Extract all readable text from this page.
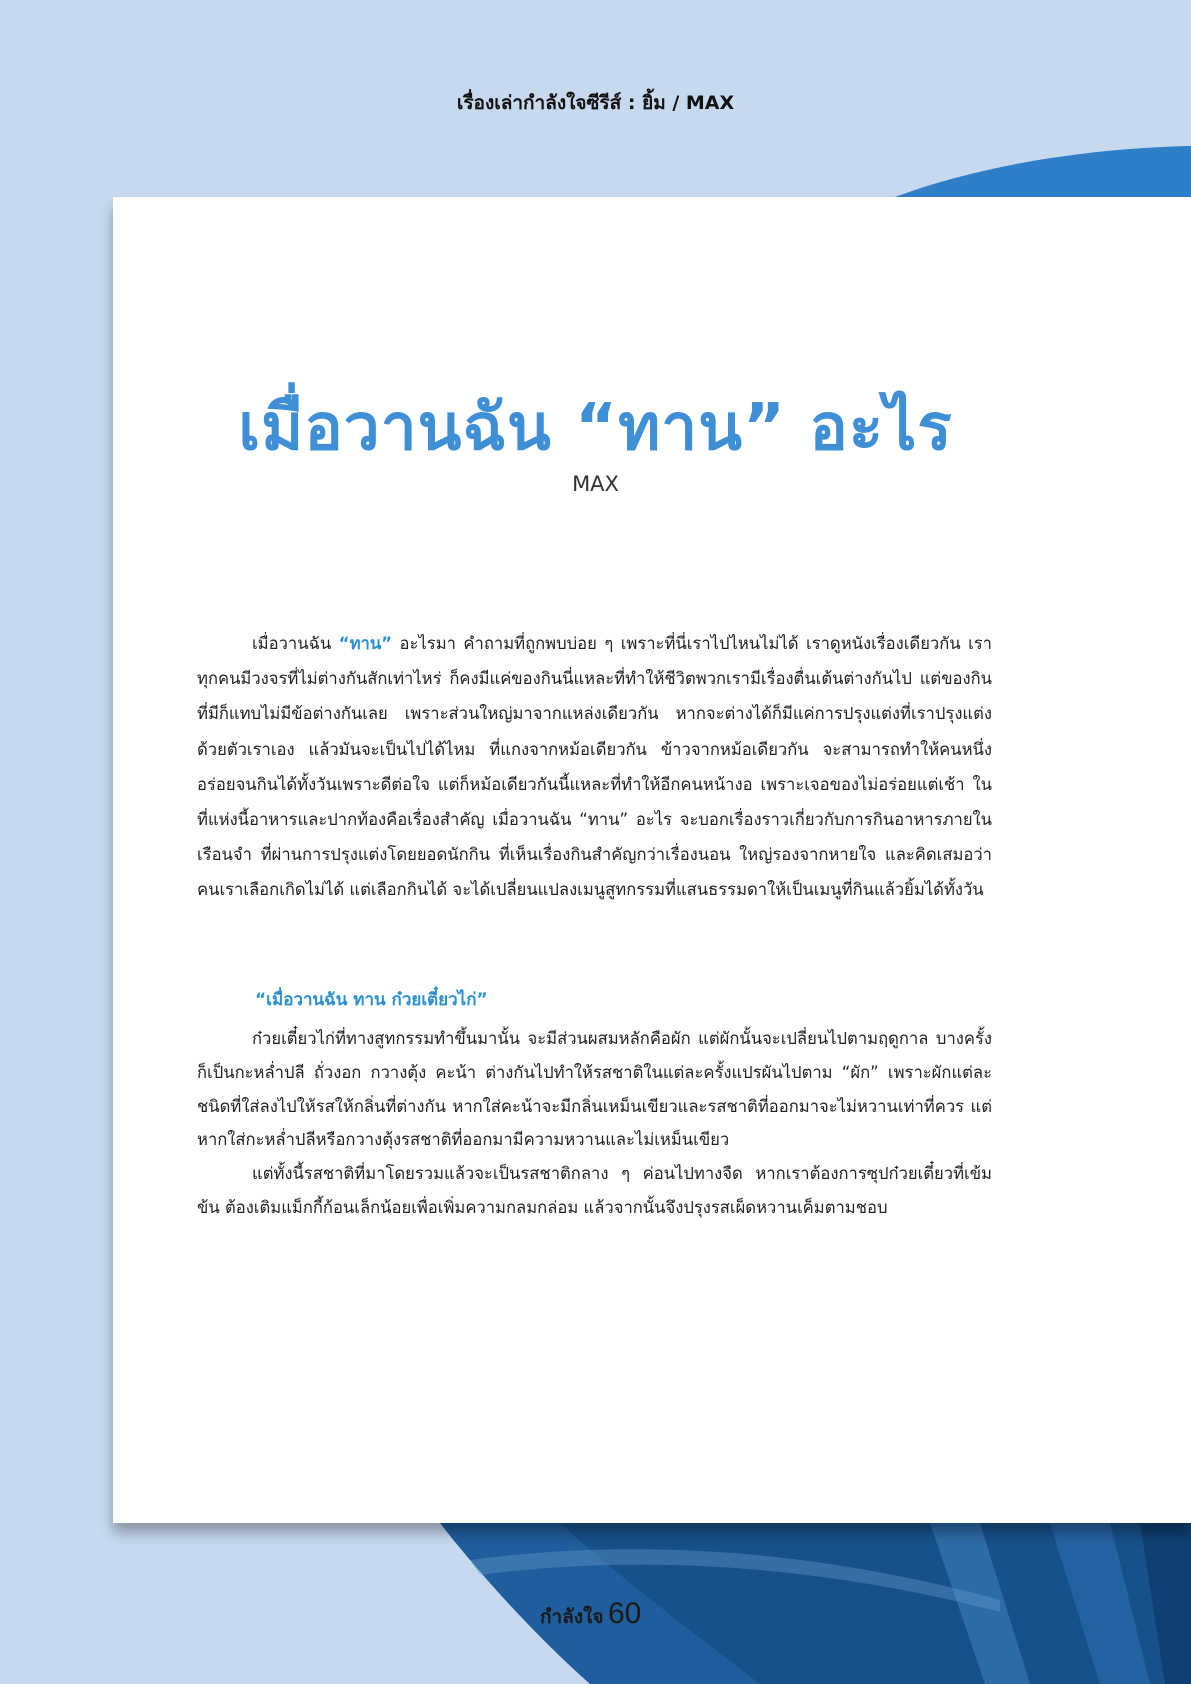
เรื่องเล่ากำลังใจซีรีส์ : ยิ้ม / MAX
เมื่อวานฉัน “ทาน” อะไร
MAX

เมื่อวานฉัน “ทาน” อะไรมา คำถามที่ถูกพบบ่อย ๆ เพราะที่นี่เราไปไหนไม่ได้ เราดูหนังเรื่องเดียวกัน เราทุกคนมีวงจรที่ไม่ต่างกันสักเท่าไหร่ ก็คงมีแค่ของกินนี่แหละที่ทำให้ชีวิตพวกเรามีเรื่องตื่นเต้นต่างกันไป แต่ของกินที่มีก็แทบไม่มีข้อต่างกันเลย เพราะส่วนใหญ่มาจากแหล่งเดียวกัน หากจะต่างได้ก็มีแค่การปรุงแต่งที่เราปรุงแต่งด้วยตัวเราเอง แล้วมันจะเป็นไปได้ไหม ที่แกงจากหม้อเดียวกัน ข้าวจากหม้อเดียวกัน จะสามารถทำให้คนหนึ่งอร่อยจนกินได้ทั้งวันเพราะดีต่อใจ แต่ก็หม้อเดียวกันนี้แหละที่ทำให้อีกคนหน้างอ เพราะเจอของไม่อร่อยแต่เช้า ในที่แห่งนี้อาหารและปากท้องคือเรื่องสำคัญ เมื่อวานฉัน “ทาน” อะไร จะบอกเรื่องราวเกี่ยวกับการกินอาหารภายในเรือนจำ ที่ผ่านการปรุงแต่งโดยยอดนักกิน ที่เห็นเรื่องกินสำคัญกว่าเรื่องนอน ใหญ่รองจากหายใจ และคิดเสมอว่า คนเราเลือกเกิดไม่ได้ แต่เลือกกินได้ จะได้เปลี่ยนแปลงเมนูสูทกรรมที่แสนธรรมดาให้เป็นเมนูที่กินแล้วยิ้มได้ทั้งวัน

“เมื่อวานฉัน ทาน ก๋วยเตี๋ยวไก่”

ก๋วยเตี๋ยวไก่ที่ทางสูทกรรมทำขึ้นมานั้น จะมีส่วนผสมหลักคือผัก แต่ผักนั้นจะเปลี่ยนไปตามฤดูกาล บางครั้งก็เป็นกะหล่ำปลี ถั่วงอก กวางตุ้ง คะน้า ต่างกันไปทำให้รสชาติในแต่ละครั้งแปรผันไปตาม “ผัก” เพราะผักแต่ละชนิดที่ใส่ลงไปให้รสให้กลิ่นที่ต่างกัน หากใส่คะน้าจะมีกลิ่นเหม็นเขียวและรสชาติที่ออกมาจะไม่หวานเท่าที่ควร แต่หากใส่กะหล่ำปลีหรือกวางตุ้งรสชาติที่ออกมามีความหวานและไม่เหม็นเขียว

แต่ทั้งนี้รสชาติที่มาโดยรวมแล้วจะเป็นรสชาติกลาง ๆ ค่อนไปทางจืด หากเราต้องการซุปก๋วยเตี๋ยวที่เข้มข้น ต้องเติมแม็กกี้ก้อนเล็กน้อยเพื่อเพิ่มความกลมกล่อม แล้วจากนั้นจึงปรุงรสเผ็ดหวานเค็มตามชอบ

กำลังใจ 60
